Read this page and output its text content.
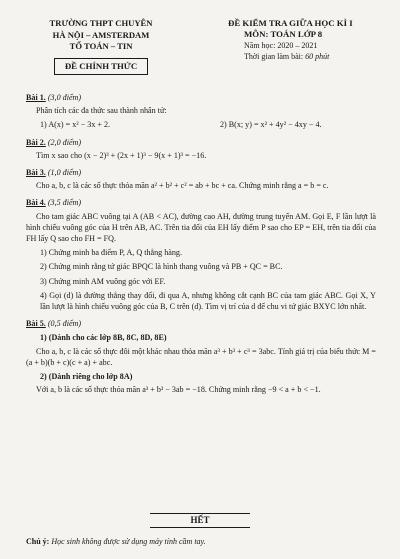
TRƯỜNG THPT CHUYÊN
HÀ NỘI – AMSTERDAM
TỔ TOÁN – TIN
ĐỀ CHÍNH THỨC
ĐỀ KIỂM TRA GIỮA HỌC KÌ I
MÔN: TOÁN LỚP 8
Năm học: 2020 – 2021
Thời gian làm bài: 60 phút
Bài 1. (3,0 điểm)
Phân tích các đa thức sau thành nhân tử:
1) A(x) = x² − 3x + 2.	2) B(x; y) = x² + 4y² − 4xy − 4.
Bài 2. (2,0 điểm)
Tìm x sao cho (x − 2)³ + (2x + 1)³ − 9(x + 1)³ = −16.
Bài 3. (1,0 điểm)
Cho a, b, c là các số thực thỏa mãn a² + b² + c² = ab + bc + ca. Chứng minh rằng a = b = c.
Bài 4. (3,5 điểm)
Cho tam giác ABC vuông tại A (AB < AC), đường cao AH, đường trung tuyến AM. Gọi E, F lần lượt là hình chiếu vuông góc của H trên AB, AC. Trên tia đối của EH lấy điểm P sao cho EP = EH, trên tia đối của FH lấy Q sao cho FH = FQ.
1) Chứng minh ba điểm P, A, Q thẳng hàng.
2) Chứng minh rằng tứ giác BPQC là hình thang vuông và PB + QC = BC.
3) Chứng minh AM vuông góc với EF.
4) Gọi (d) là đường thẳng thay đổi, đi qua A, nhưng không cắt cạnh BC của tam giác ABC. Gọi X, Y lần lượt là hình chiếu vuông góc của B, C trên (d). Tìm vị trí của d để chu vi tứ giác BXYC lớn nhất.
Bài 5. (0,5 điểm)
1) (Dành cho các lớp 8B, 8C, 8D, 8E)
Cho a, b, c là các số thực đôi một khác nhau thỏa mãn a³ + b³ + c³ = 3abc. Tính giá trị của biểu thức M = (a + b)(b + c)(c + a) + abc.
2) (Dành riêng cho lớp 8A)
Với a, b là các số thực thỏa mãn a³ + b³ − 3ab = −18. Chứng minh rằng −9 < a + b < −1.
HẾT
Chú ý: Học sinh không được sử dụng máy tính cầm tay.
